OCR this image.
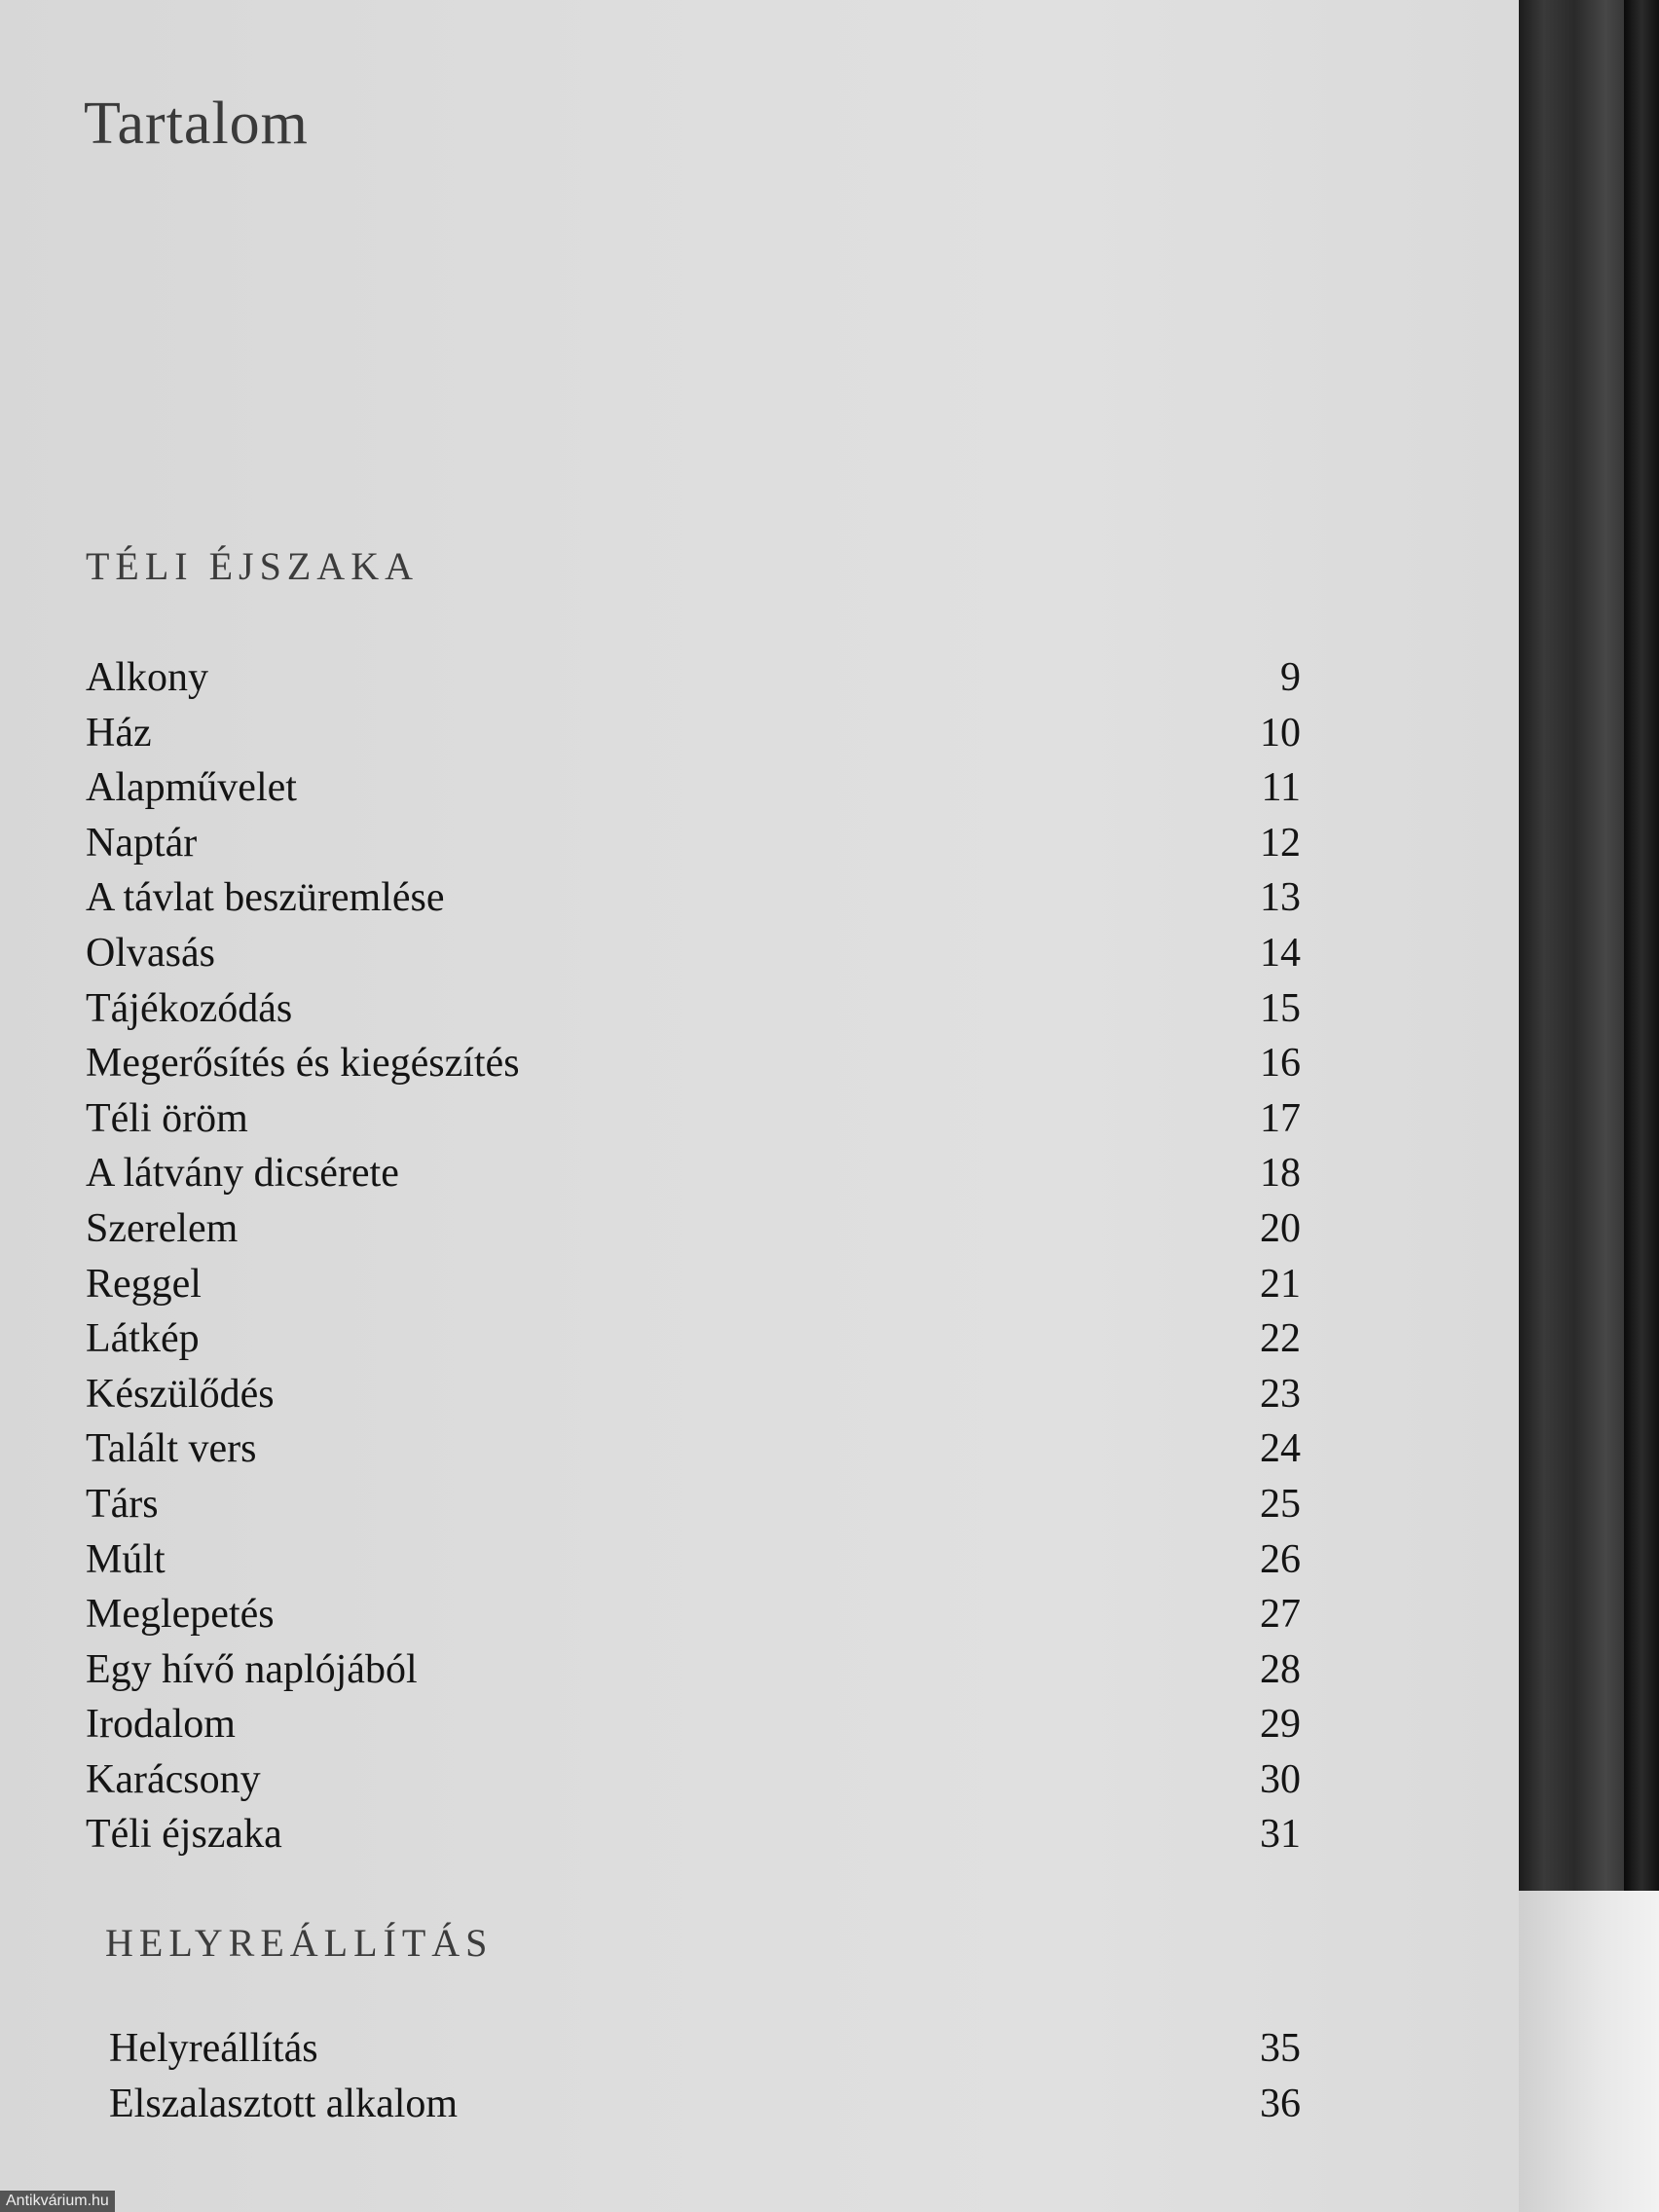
Tartalom
TÉLI ÉJSZAKA
Alkony	9
Ház	10
Alapművelet	11
Naptár	12
A távlat beszüremlése	13
Olvasás	14
Tájékozódás	15
Megerősítés és kiegészítés	16
Téli öröm	17
A látvány dicsérete	18
Szerelem	20
Reggel	21
Látkép	22
Készülődés	23
Talált vers	24
Társ	25
Múlt	26
Meglepetés	27
Egy hívő naplójából	28
Irodalom	29
Karácsony	30
Téli éjszaka	31
HELYREÁLLÍTÁS
Helyreállítás	35
Elszalasztott alkalom	36
Antikvárium.hu
